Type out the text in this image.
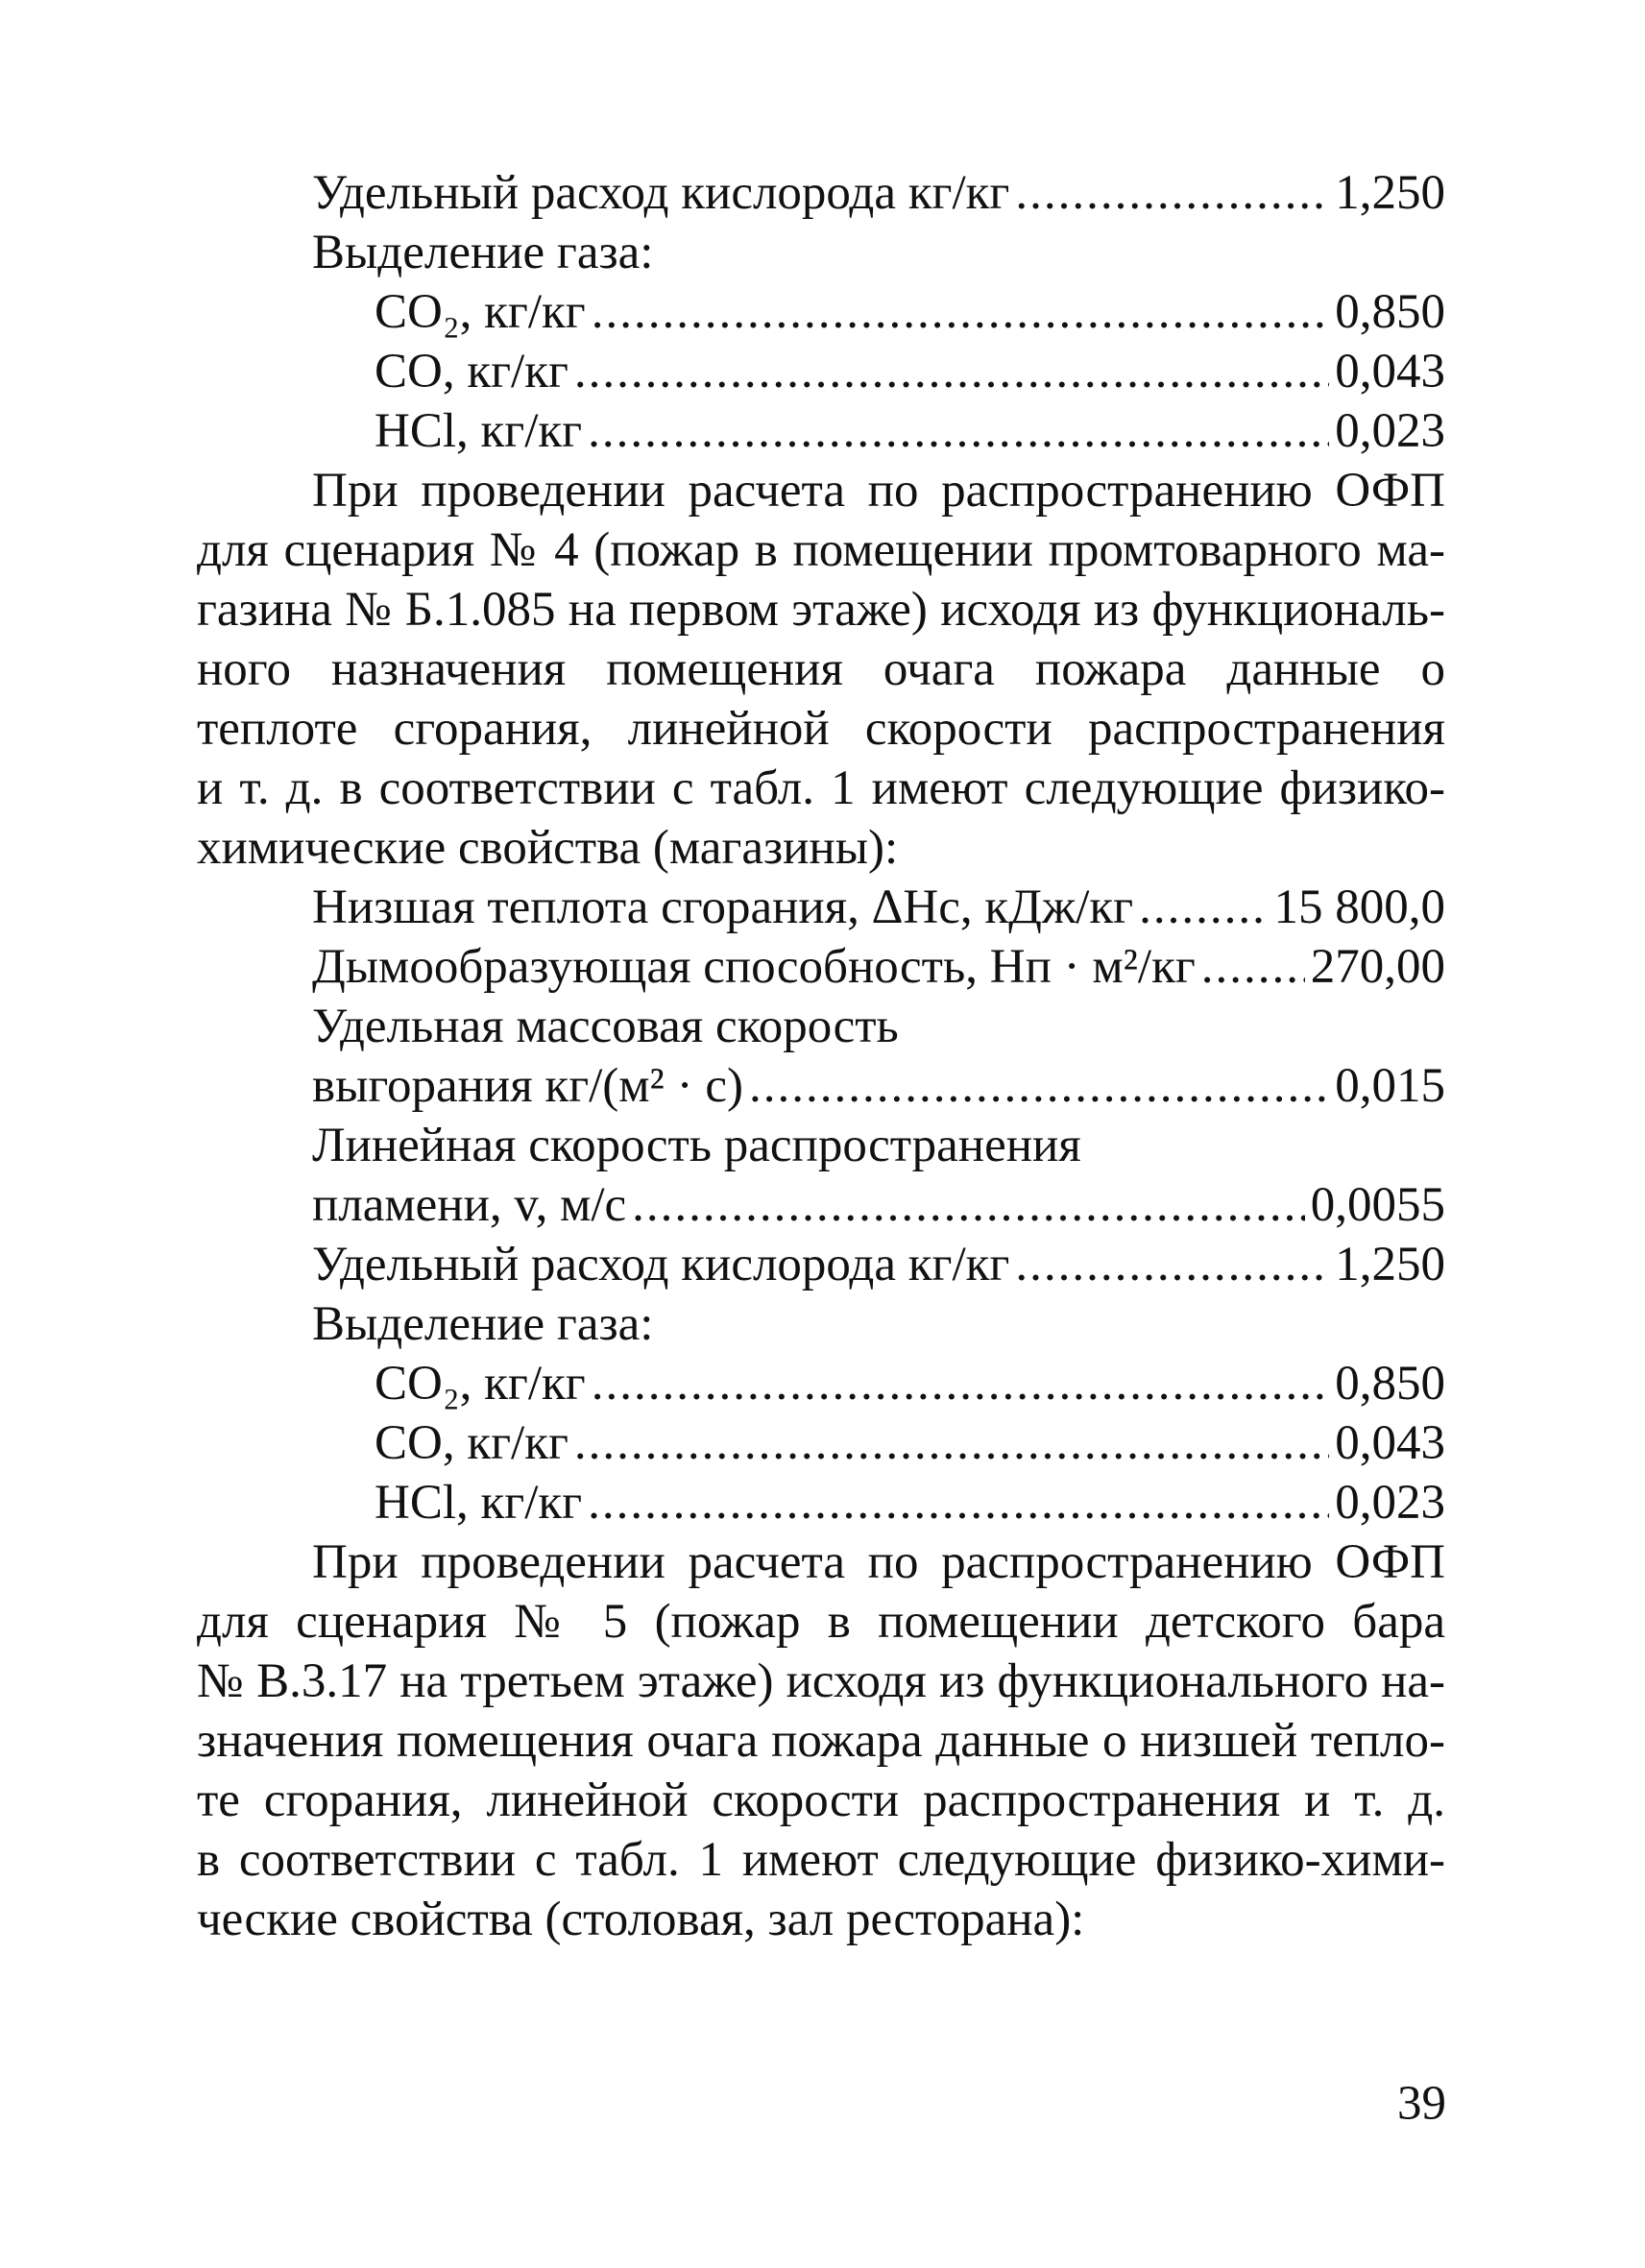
Удельный расход кислорода кг/кг .....	1,250
Выделение газа:
CO₂, кг/кг .....	0,850
CO, кг/кг .....	0,043
HCl, кг/кг .....	0,023
При проведении расчета по распространению ОФП
для сценария № 4 (пожар в помещении промтоварного ма-
газина № Б.1.085 на первом этаже) исходя из функциональ-
ного назначения помещения очага пожара данные о
теплоте сгорания, линейной скорости распространения
и т. д. в соответствии с табл. 1 имеют следующие физико-
химические свойства (магазины):
Низшая теплота сгорания, ΔHс, кДж/кг .....	15 800,0
Дымообразующая способность, Нп · м²/кг ..... 270,00
Удельная массовая скорость
выгорания кг/(м² · с) .....	0,015
Линейная скорость распространения
пламени, v, м/с .....	0,0055
Удельный расход кислорода кг/кг .....	1,250
Выделение газа:
CO₂, кг/кг .....	0,850
CO, кг/кг .....	0,043
HCl, кг/кг .....	0,023
При проведении расчета по распространению ОФП
для сценария № 5 (пожар в помещении детского бара
№ В.3.17 на третьем этаже) исходя из функционального на-
значения помещения очага пожара данные о низшей тепло-
те сгорания, линейной скорости распространения и т. д.
в соответствии с табл. 1 имеют следующие физико-хими-
ческие свойства (столовая, зал ресторана):
39
